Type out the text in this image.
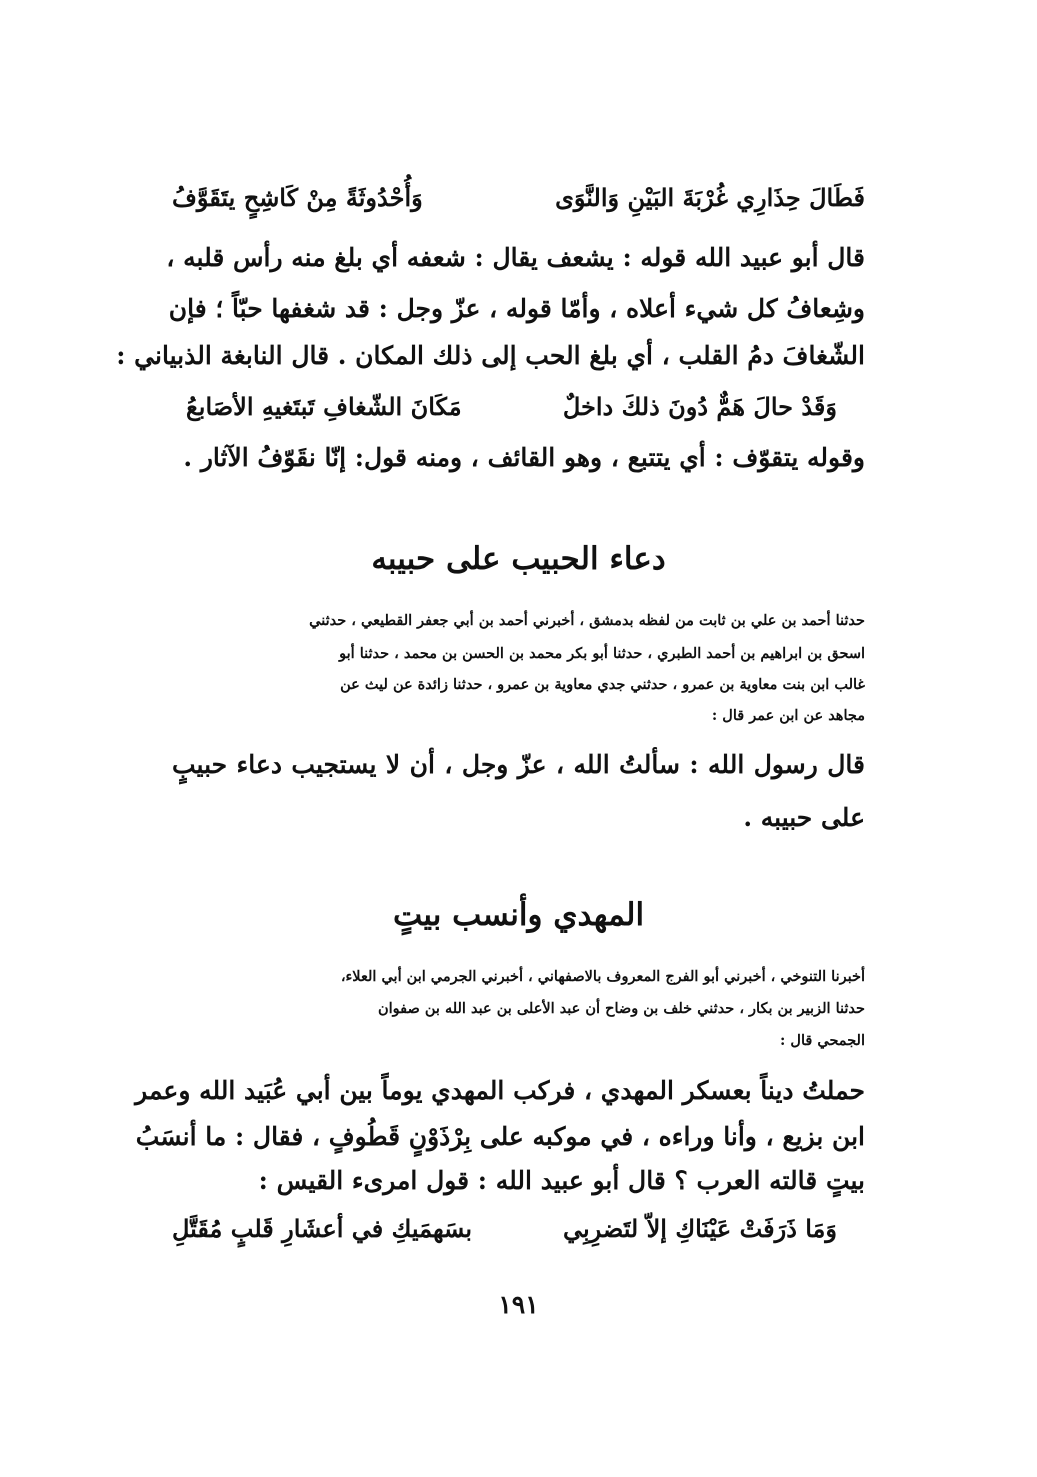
فَطَالَ حِذَارِي غُرْبَةَ البَيْنِ وَالنَّوَى
وَأُحْدُوثَةً مِنْ كَاشِحٍ يتَقَوَّفُ
قال أبو عبيد الله قوله : يشعف يقال : شعفه أي بلغ منه رأس قلبه ،
وشِعافُ كل شيء أعلاه ، وأمّا قوله ، عزّ وجل : قد شغفها حبّاً ؛ فإن
الشّغافَ دمُ القلب ، أي بلغ الحب إلى ذلك المكان . قال النابغة الذبياني :
وَقَدْ حالَ هَمٌّ دُونَ ذلكَ داخلٌ
مَكَانَ الشّغافِ تَبتَغيهِ الأصَابعُ
وقوله يتقوّف : أي يتتبع ، وهو القائف ، ومنه قول: إنّا نقَوّفُ الآثار .
دعاء الحبيب على حبيبه
حدثنا أحمد بن علي بن ثابت من لفظه بدمشق ، أخبرني أحمد بن أبي جعفر القطيعي ، حدثني
اسحق بن ابراهيم بن أحمد الطبري ، حدثنا أبو بكر محمد بن الحسن بن محمد ، حدثنا أبو
غالب ابن بنت معاوية بن عمرو ، حدثني جدي معاوية بن عمرو ، حدثنا زائدة عن ليث عن
مجاهد عن ابن عمر قال :
قال رسول الله : سألتُ الله ، عزّ وجل ، أن لا يستجيب دعاء حبيبٍ
على حبيبه .
المهدي وأنسب بيتٍ
أخبرنا التنوخي ، أخبرني أبو الفرج المعروف بالاصفهاني ، أخبرني الجرمي ابن أبي العلاء،
حدثنا الزبير بن بكار ، حدثني خلف بن وضاح أن عبد الأعلى بن عبد الله بن صفوان
الجمحي قال :
حملتُ ديناً بعسكر المهدي ، فركب المهدي يوماً بين أبي عُبَيد الله وعمر
ابن بزيع ، وأنا وراءه ، في موكبه على بِرْذَوْنٍ قَطُوفٍ ، فقال : ما أنسَبُ
بيتٍ قالته العرب ؟ قال أبو عبيد الله : قول امرىء القيس :
وَمَا ذَرَفَتْ عَيْنَاكِ إلاّ لتَضرِبِي
بسَهمَيكِ في أعشَارِ قَلبٍ مُقَتَّلِ
١٩١
